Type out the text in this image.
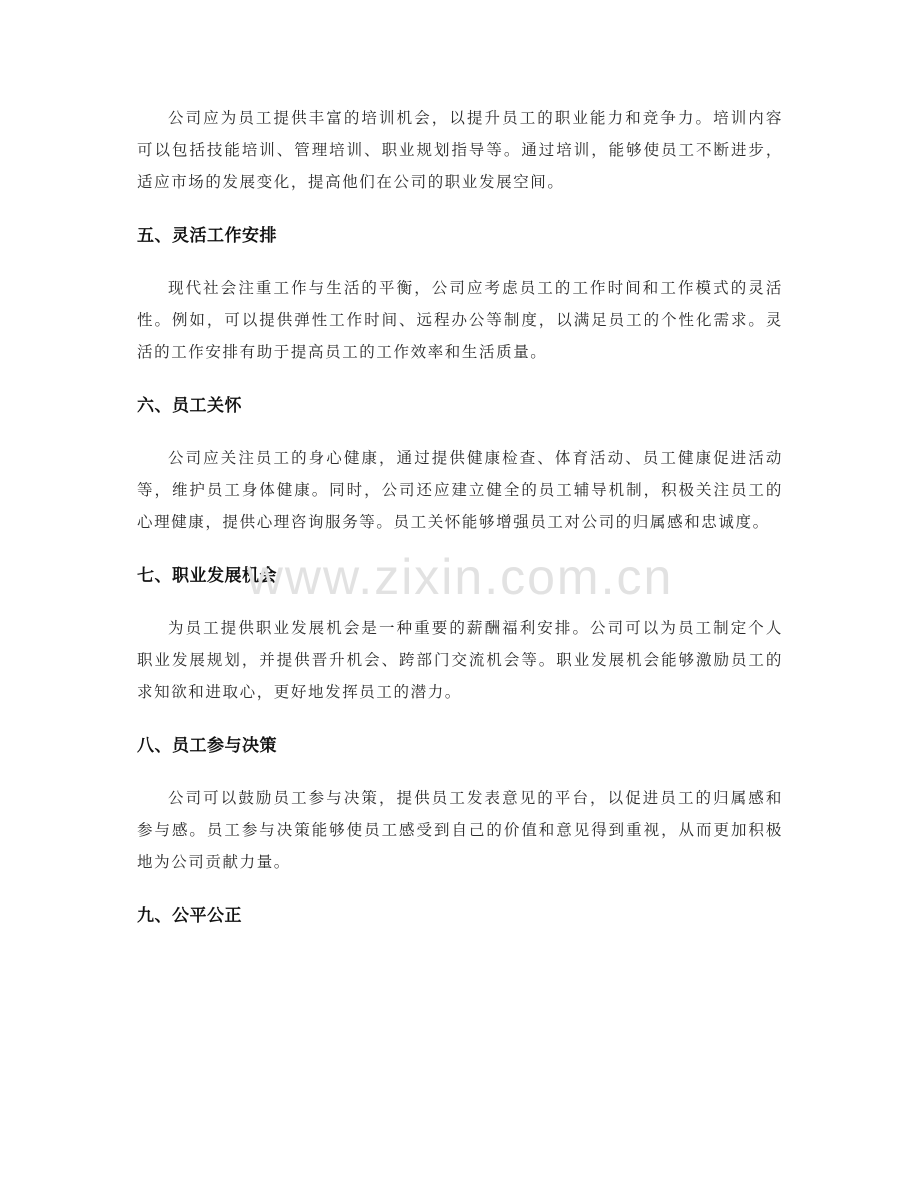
公司应为员工提供丰富的培训机会，以提升员工的职业能力和竞争力。培训内容可以包括技能培训、管理培训、职业规划指导等。通过培训，能够使员工不断进步，适应市场的发展变化，提高他们在公司的职业发展空间。

五、灵活工作安排

现代社会注重工作与生活的平衡，公司应考虑员工的工作时间和工作模式的灵活性。例如，可以提供弹性工作时间、远程办公等制度，以满足员工的个性化需求。灵活的工作安排有助于提高员工的工作效率和生活质量。

六、员工关怀

公司应关注员工的身心健康，通过提供健康检查、体育活动、员工健康促进活动等，维护员工身体健康。同时，公司还应建立健全的员工辅导机制，积极关注员工的心理健康，提供心理咨询服务等。员工关怀能够增强员工对公司的归属感和忠诚度。

七、职业发展机会

为员工提供职业发展机会是一种重要的薪酬福利安排。公司可以为员工制定个人职业发展规划，并提供晋升机会、跨部门交流机会等。职业发展机会能够激励员工的求知欲和进取心，更好地发挥员工的潜力。

八、员工参与决策

公司可以鼓励员工参与决策，提供员工发表意见的平台，以促进员工的归属感和参与感。员工参与决策能够使员工感受到自己的价值和意见得到重视，从而更加积极地为公司贡献力量。

九、公平公正
www.zixin.com.cn
